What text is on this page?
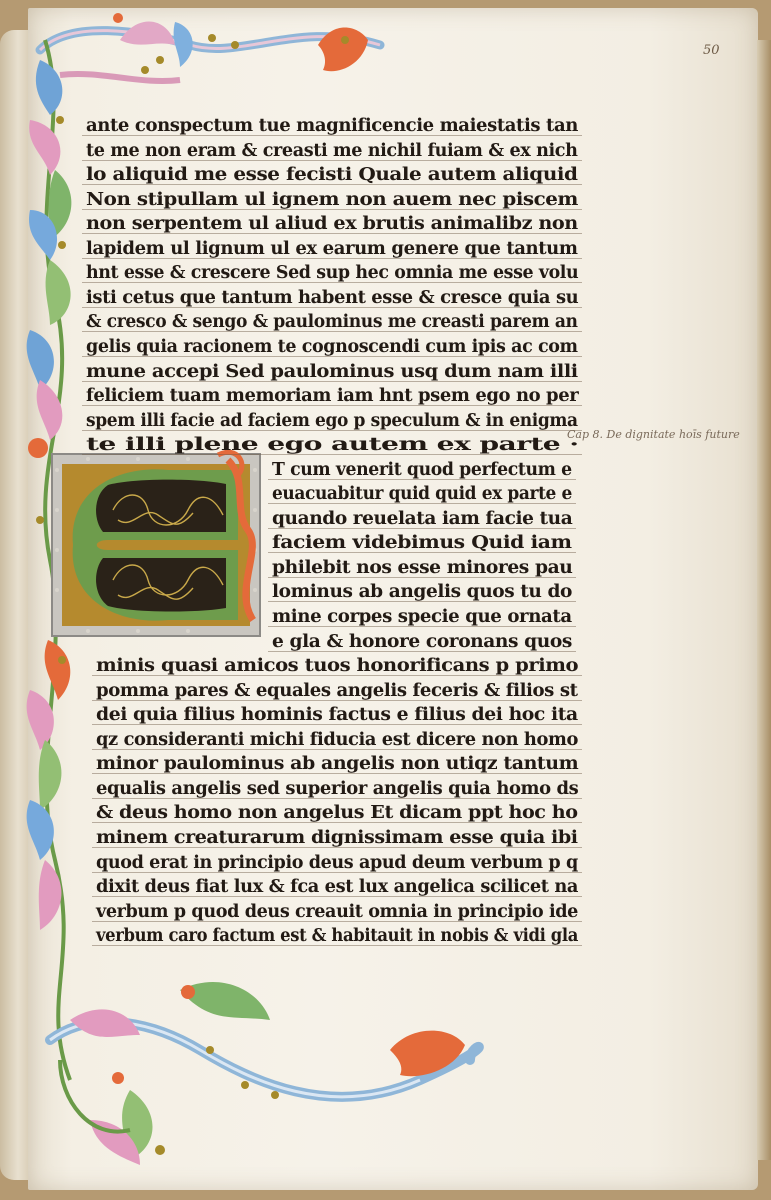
Cap 8. De dignitate hoīs future
50
ante conspectum tue magnificencie maiestatis tan
te me non eram & creasti me nichil fuiam & ex nich
lo aliquid me esse fecisti Quale autem aliquid
Non stipullam ul ignem non auem nec piscem
non serpentem ul aliud ex brutis animalibz non
lapidem ul lignum ul ex earum genere que tantum
hnt esse & crescere Sed sup hec omnia me esse volu
isti cetus que tantum habent esse & cresce quia su
& cresco & sengo & paulominus me creasti parem an
gelis quia racionem te cognoscendi cum ipis ac com
mune accepi Sed paulominus usq dum nam illi
feliciem tuam memoriam iam hnt psem ego no per
spem illi facie ad faciem ego p speculum & in enigma
te illi plene ego autem ex parte ·
T cum venerit quod perfectum e
euacuabitur quid quid ex parte e
quando reuelata iam facie tua
faciem videbimus Quid iam
philebit nos esse minores pau
lominus ab angelis quos tu do
mine corpes specie que ornata
e gla & honore coronans quos
minis quasi amicos tuos honorificans p primo
pomma pares & equales angelis feceris & filios st
dei quia filius hominis factus e filius dei hoc ita
qz consideranti michi fiducia est dicere non homo
minor paulominus ab angelis non utiqz tantum
equalis angelis sed superior angelis quia homo ds
& deus homo non angelus Et dicam ppt hoc ho
minem creaturarum dignissimam esse quia ibi
quod erat in principio deus apud deum verbum p q
dixit deus fiat lux & fca est lux angelica scilicet na
verbum p quod deus creauit omnia in principio ide
verbum caro factum est & habitauit in nobis & vidi gla
